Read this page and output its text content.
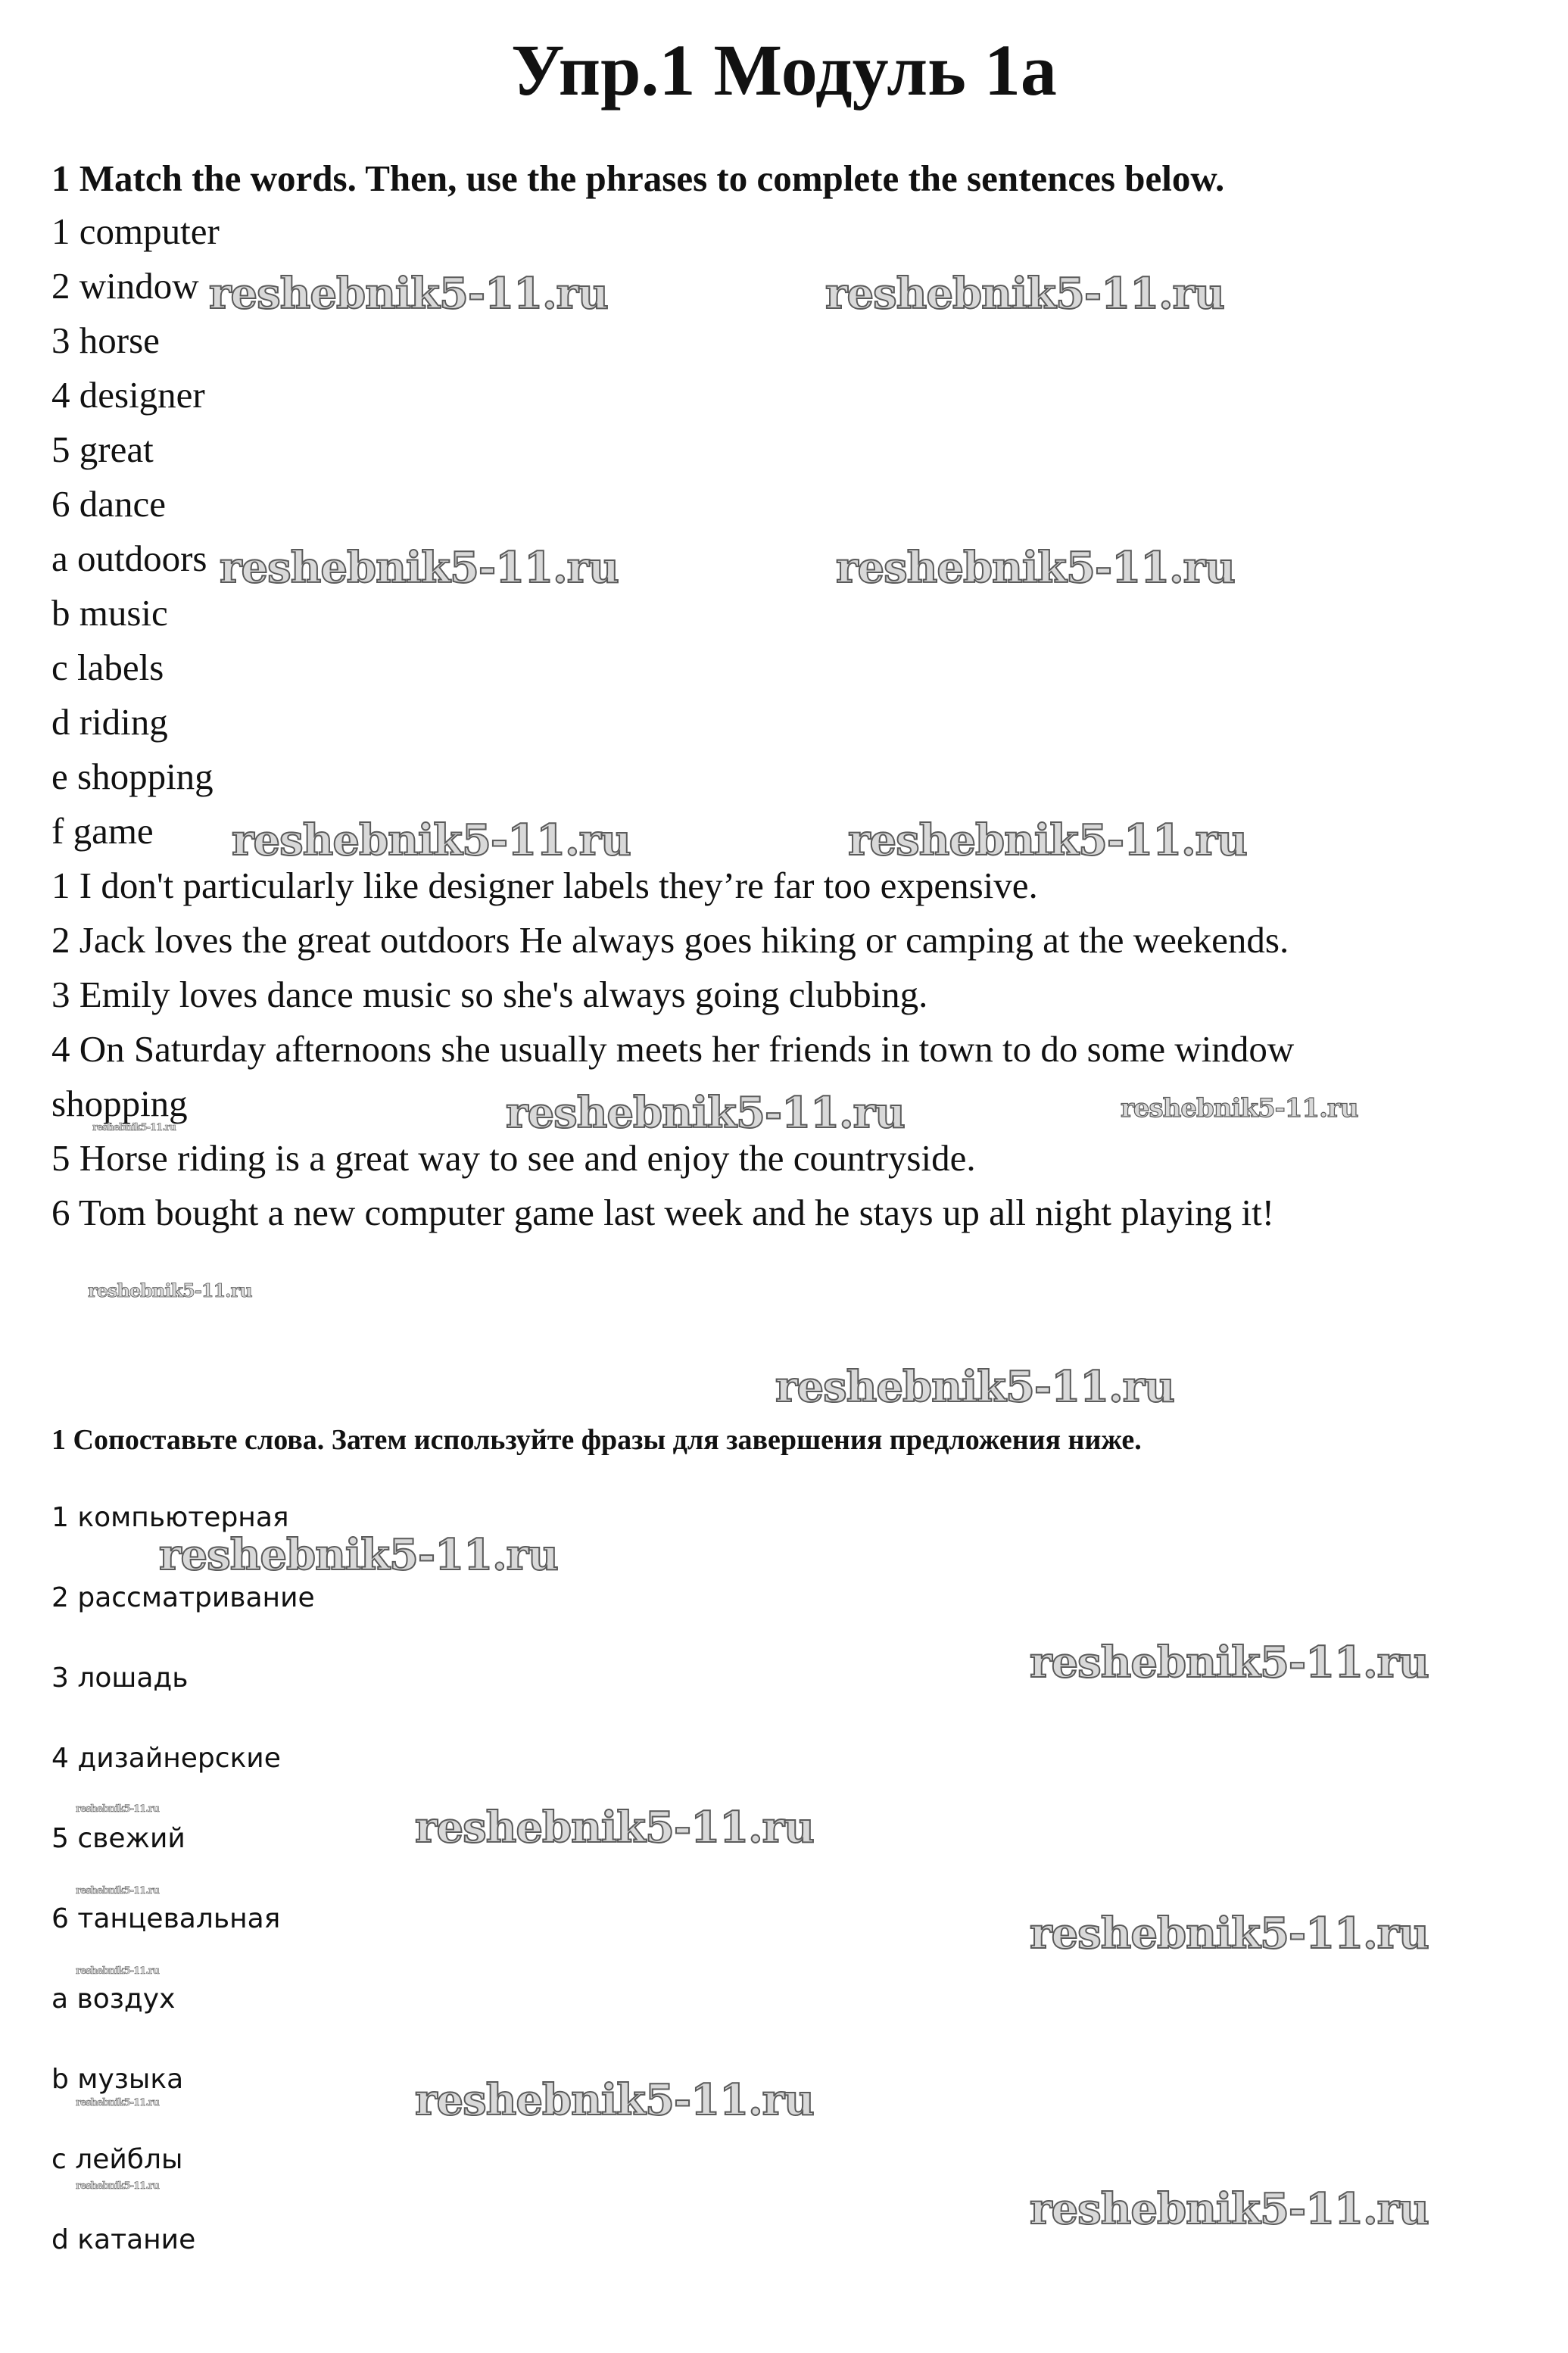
Упр.1 Модуль 1а
1 Match the words. Then, use the phrases to complete the sentences below.
1 computer
2 window
3 horse
4 designer
5 great
6 dance
a outdoors
b music
c labels
d riding
e shopping
f game
1 I don't particularly like designer labels they’re far too expensive.
2 Jack loves the great outdoors He always goes hiking or camping at the weekends.
3 Emily loves dance music so she's always going clubbing.
4 On Saturday afternoons she usually meets her friends in town to do some window
shopping
5 Horse riding is a great way to see and enjoy the countryside.
6 Tom bought a new computer game last week and he stays up all night playing it!
1 Сопоставьте слова. Затем используйте фразы для завершения предложения ниже.
1 компьютерная
2 рассматривание
3 лошадь
4 дизайнерские
5 свежий
6 танцевальная
a воздух
b музыка
c лейблы
d катание
reshebnik5-11.ru	reshebnik5-11.ru
reshebnik5-11.ru	reshebnik5-11.ru
reshebnik5-11.ru	reshebnik5-11.ru
reshebnik5-11.ru	reshebnik5-11.ru
reshebnik5-11.ru
reshebnik5-11.ru
reshebnik5-11.ru
reshebnik5-11.ru
reshebnik5-11.ru
reshebnik5-11.ru	reshebnik5-11.ru
reshebnik5-11.ru
reshebnik5-11.ru
reshebnik5-11.ru
reshebnik5-11.ru
reshebnik5-11.ru
reshebnik5-11.ru	reshebnik5-11.ru
